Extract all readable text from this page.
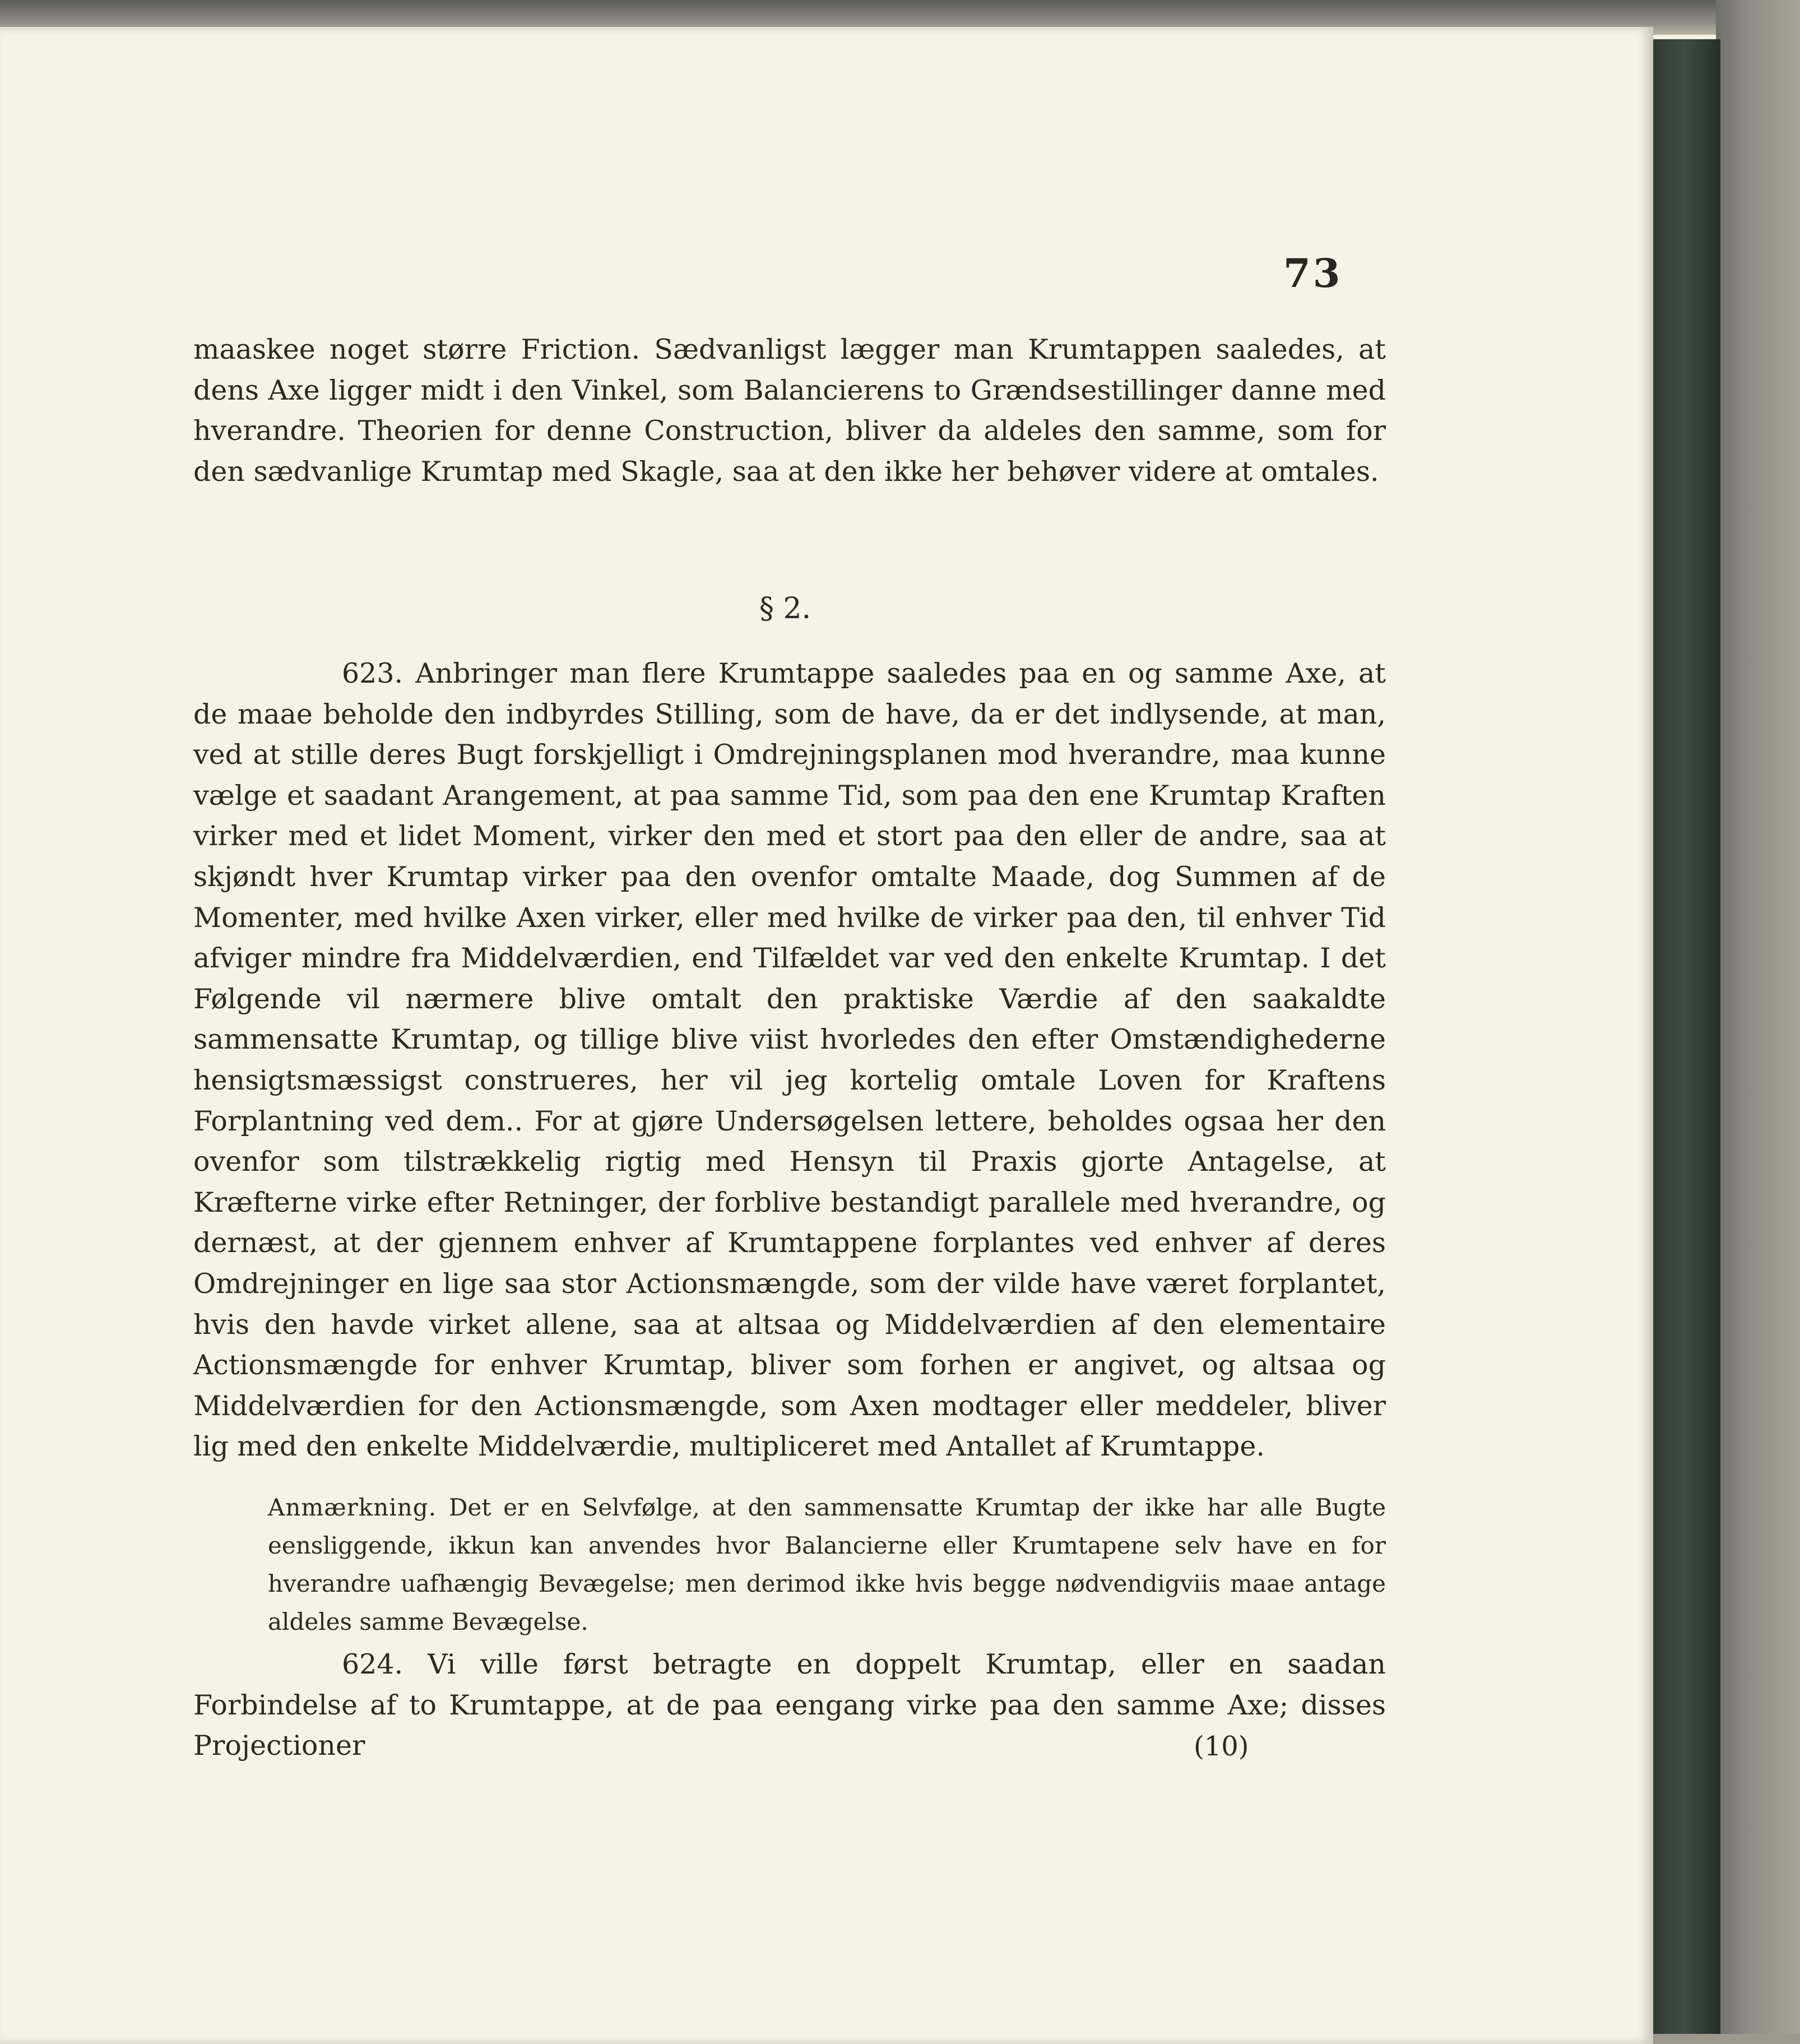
73

maaskee noget større Friction. Sædvanligst lægger man Krumtappen saaledes, at dens Axe ligger midt i den Vinkel, som Balancierens to Grændsestillinger danne med hverandre. Theorien for denne Construction, bliver da aldeles den samme, som for den sædvanlige Krumtap med Skagle, saa at den ikke her behøver videre at omtales.

§ 2.

623. Anbringer man flere Krumtappe saaledes paa en og samme Axe, at de maae beholde den indbyrdes Stilling, som de have, da er det indlysende, at man, ved at stille deres Bugt forskjelligt i Omdrejningsplanen mod hverandre, maa kunne vælge et saadant Arangement, at paa samme Tid, som paa den ene Krumtap Kraften virker med et lidet Moment, virker den med et stort paa den eller de andre, saa at skjøndt hver Krumtap virker paa den ovenfor omtalte Maade, dog Summen af de Momenter, med hvilke Axen virker, eller med hvilke de virker paa den, til enhver Tid afviger mindre fra Middelværdien, end Tilfældet var ved den enkelte Krumtap. I det Følgende vil nærmere blive omtalt den praktiske Værdie af den saakaldte sammensatte Krumtap, og tillige blive viist hvorledes den efter Omstændighederne hensigtsmæssigst construeres, her vil jeg kortelig omtale Loven for Kraftens Forplantning ved dem.. For at gjøre Undersøgelsen lettere, beholdes ogsaa her den ovenfor som tilstrækkelig rigtig med Hensyn til Praxis gjorte Antagelse, at Kræfterne virke efter Retninger, der forblive bestandigt parallele med hverandre, og dernæst, at der gjennem enhver af Krumtappene forplantes ved enhver af deres Omdrejninger en lige saa stor Actionsmængde, som der vilde have været forplantet, hvis den havde virket allene, saa at altsaa og Middelværdien af den elementaire Actionsmængde for enhver Krumtap, bliver som forhen er angivet, og altsaa og Middelværdien for den Actionsmængde, som Axen modtager eller meddeler, bliver lig med den enkelte Middelværdie, multipliceret med Antallet af Krumtappe.

Anmærkning. Det er en Selvfølge, at den sammensatte Krumtap der ikke har alle Bugte eensliggende, ikkun kan anvendes hvor Balancierne eller Krumtapene selv have en for hverandre uafhængig Bevægelse; men derimod ikke hvis begge nødvendigviis maae antage aldeles samme Bevægelse.

624. Vi ville først betragte en doppelt Krumtap, eller en saadan Forbindelse af to Krumtappe, at de paa eengang virke paa den samme Axe; disses Projectioner	(10)
